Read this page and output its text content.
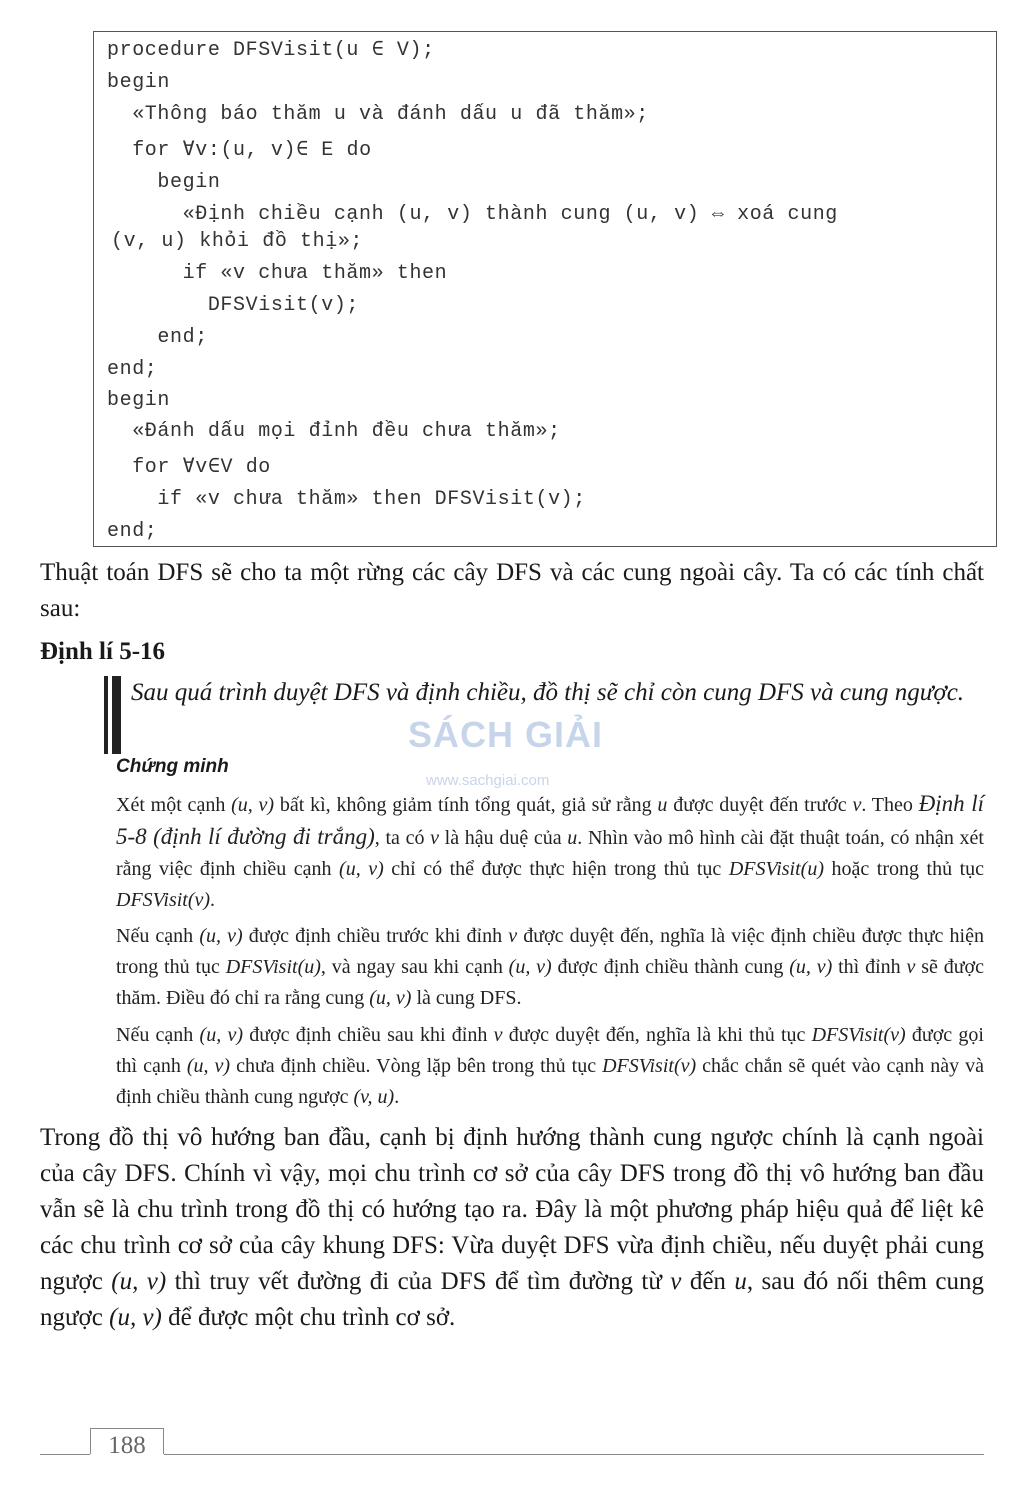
procedure DFSVisit(u ∈ V);
begin
«Thông báo thăm u và đánh dấu u đã thăm»;
for ∀v:(u, v)∈ E do
begin
«Định chiều cạnh (u, v) thành cung (u, v) ⇔ xoá cung
(v, u) khỏi đồ thị»;
if «v chưa thăm» then
DFSVisit(v);
end;
end;
begin
«Đánh dấu mọi đỉnh đều chưa thăm»;
for ∀v∈V do
if «v chưa thăm» then DFSVisit(v);
end;

Thuật toán DFS sẽ cho ta một rừng các cây DFS và các cung ngoài cây. Ta có các tính chất sau:

Định lí 5-16

Sau quá trình duyệt DFS và định chiều, đồ thị sẽ chỉ còn cung DFS và cung ngược.

SÁCH GIẢI
www.sachgiai.com
Chứng minh

Xét một cạnh (u, v) bất kì, không giảm tính tổng quát, giả sử rằng u được duyệt đến trước v. Theo Định lí 5-8 (định lí đường đi trắng), ta có v là hậu duệ của u. Nhìn vào mô hình cài đặt thuật toán, có nhận xét rằng việc định chiều cạnh (u, v) chỉ có thể được thực hiện trong thủ tục DFSVisit(u) hoặc trong thủ tục DFSVisit(v).

Nếu cạnh (u, v) được định chiều trước khi đỉnh v được duyệt đến, nghĩa là việc định chiều được thực hiện trong thủ tục DFSVisit(u), và ngay sau khi cạnh (u, v) được định chiều thành cung (u, v) thì đỉnh v sẽ được thăm. Điều đó chỉ ra rằng cung (u, v) là cung DFS.

Nếu cạnh (u, v) được định chiều sau khi đỉnh v được duyệt đến, nghĩa là khi thủ tục DFSVisit(v) được gọi thì cạnh (u, v) chưa định chiều. Vòng lặp bên trong thủ tục DFSVisit(v) chắc chắn sẽ quét vào cạnh này và định chiều thành cung ngược (v, u).

Trong đồ thị vô hướng ban đầu, cạnh bị định hướng thành cung ngược chính là cạnh ngoài của cây DFS. Chính vì vậy, mọi chu trình cơ sở của cây DFS trong đồ thị vô hướng ban đầu vẫn sẽ là chu trình trong đồ thị có hướng tạo ra. Đây là một phương pháp hiệu quả để liệt kê các chu trình cơ sở của cây khung DFS: Vừa duyệt DFS vừa định chiều, nếu duyệt phải cung ngược (u, v) thì truy vết đường đi của DFS để tìm đường từ v đến u, sau đó nối thêm cung ngược (u, v) để được một chu trình cơ sở.

188
